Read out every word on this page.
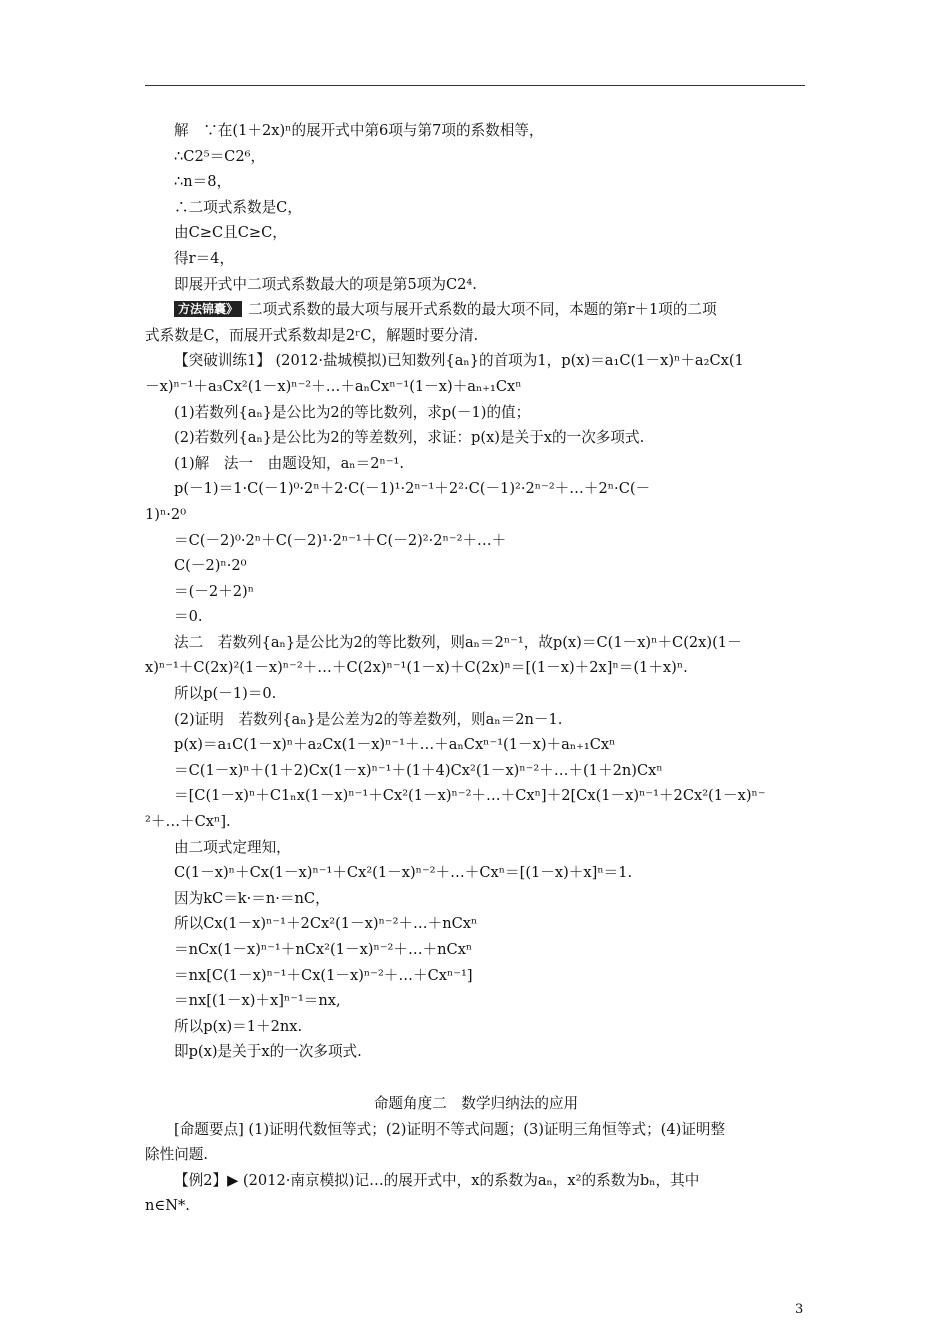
解　∵在(1＋2x)ⁿ的展开式中第6项与第7项的系数相等，
∴C2⁵＝C2⁶，
∴n＝8，
∴二项式系数是C，
由C≥C且C≥C，
得r＝4，
即展开式中二项式系数最大的项是第5项为C2⁴.
方法锦囊》 二项式系数的最大项与展开式系数的最大项不同，本题的第r＋1项的二项
式系数是C，而展开式系数却是2ʳC，解题时要分清.
【突破训练1】 (2012·盐城模拟)已知数列{aₙ}的首项为1，p(x)＝a₁C(1－x)ⁿ＋a₂Cx(1
－x)ⁿ⁻¹＋a₃Cx²(1－x)ⁿ⁻²＋…＋aₙCxⁿ⁻¹(1－x)＋aₙ₊₁Cxⁿ
(1)若数列{aₙ}是公比为2的等比数列，求p(－1)的值；
(2)若数列{aₙ}是公比为2的等差数列，求证：p(x)是关于x的一次多项式.
(1)解　法一　由题设知，aₙ＝2ⁿ⁻¹.
p(－1)＝1·C(－1)⁰·2ⁿ＋2·C(－1)¹·2ⁿ⁻¹＋2²·C(－1)²·2ⁿ⁻²＋…＋2ⁿ·C(－
1)ⁿ·2⁰
＝C(－2)⁰·2ⁿ＋C(－2)¹·2ⁿ⁻¹＋C(－2)²·2ⁿ⁻²＋…＋
C(－2)ⁿ·2⁰
＝(－2＋2)ⁿ
＝0.
法二　若数列{aₙ}是公比为2的等比数列，则aₙ＝2ⁿ⁻¹，故p(x)＝C(1－x)ⁿ＋C(2x)(1－
x)ⁿ⁻¹＋C(2x)²(1－x)ⁿ⁻²＋…＋C(2x)ⁿ⁻¹(1－x)＋C(2x)ⁿ＝[(1－x)＋2x]ⁿ＝(1＋x)ⁿ.
所以p(－1)＝0.
(2)证明　若数列{aₙ}是公差为2的等差数列，则aₙ＝2n－1.
p(x)＝a₁C(1－x)ⁿ＋a₂Cx(1－x)ⁿ⁻¹＋…＋aₙCxⁿ⁻¹(1－x)＋aₙ₊₁Cxⁿ
＝C(1－x)ⁿ＋(1＋2)Cx(1－x)ⁿ⁻¹＋(1＋4)Cx²(1－x)ⁿ⁻²＋…＋(1＋2n)Cxⁿ
＝[C(1－x)ⁿ＋C1ₙx(1－x)ⁿ⁻¹＋Cx²(1－x)ⁿ⁻²＋…＋Cxⁿ]＋2[Cx(1－x)ⁿ⁻¹＋2Cx²(1－x)ⁿ⁻
²＋…＋Cxⁿ].
由二项式定理知，
C(1－x)ⁿ＋Cx(1－x)ⁿ⁻¹＋Cx²(1－x)ⁿ⁻²＋…＋Cxⁿ＝[(1－x)＋x]ⁿ＝1.
因为kC＝k·＝n·＝nC，
所以Cx(1－x)ⁿ⁻¹＋2Cx²(1－x)ⁿ⁻²＋…＋nCxⁿ
＝nCx(1－x)ⁿ⁻¹＋nCx²(1－x)ⁿ⁻²＋…＋nCxⁿ
＝nx[C(1－x)ⁿ⁻¹＋Cx(1－x)ⁿ⁻²＋…＋Cxⁿ⁻¹]
＝nx[(1－x)＋x]ⁿ⁻¹＝nx,
所以p(x)＝1＋2nx.
即p(x)是关于x的一次多项式.
命题角度二　数学归纳法的应用
[命题要点] (1)证明代数恒等式；(2)证明不等式问题；(3)证明三角恒等式；(4)证明整
除性问题.
【例2】▶ (2012·南京模拟)记…的展开式中，x的系数为aₙ，x²的系数为bₙ，其中
n∈N*.
3
